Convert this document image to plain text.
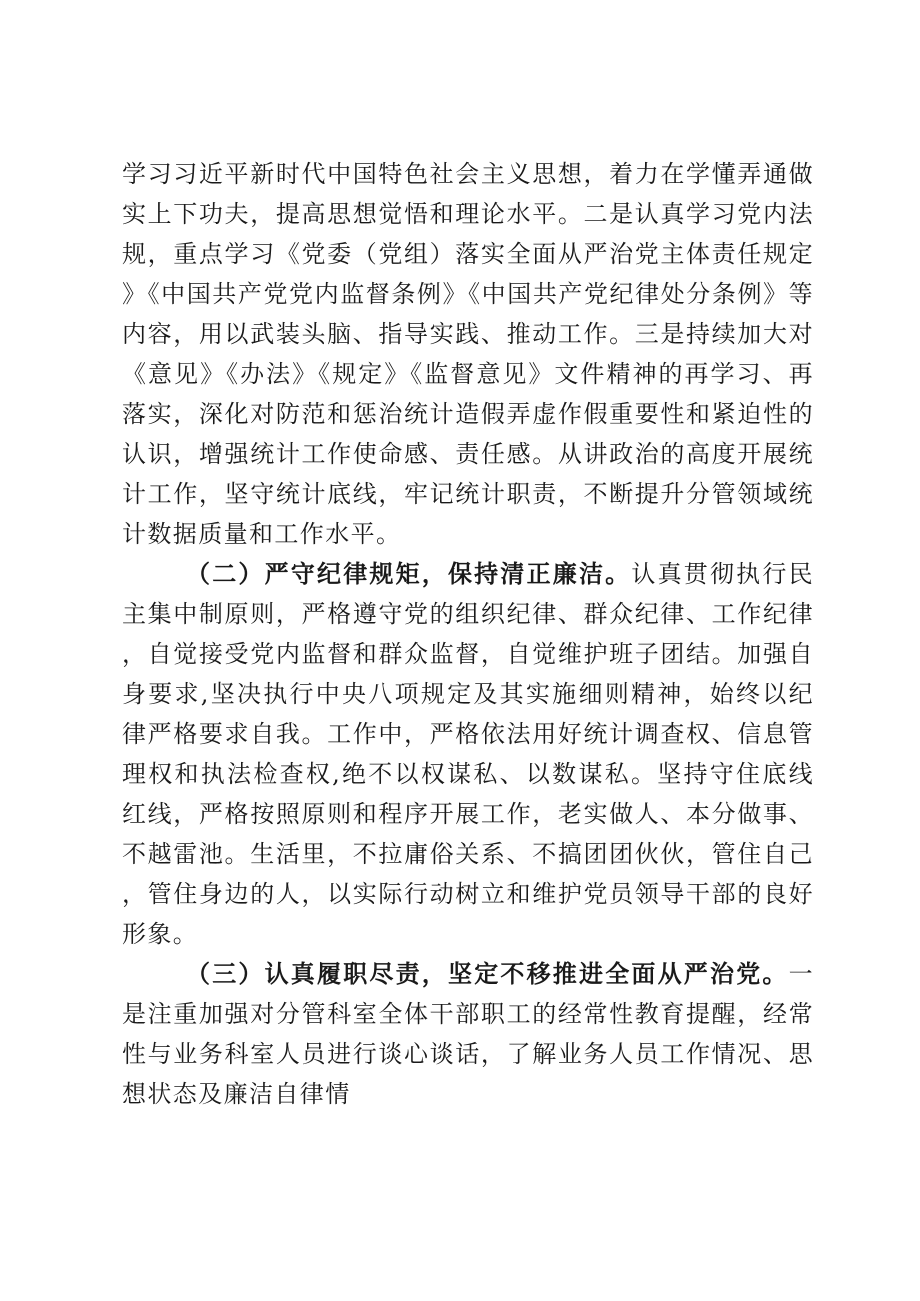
学习习近平新时代中国特色社会主义思想，着力在学懂弄通做实上下功夫，提高思想觉悟和理论水平。二是认真学习党内法规，重点学习《党委（党组）落实全面从严治党主体责任规定》《中国共产党党内监督条例》《中国共产党纪律处分条例》等内容，用以武装头脑、指导实践、推动工作。三是持续加大对《意见》《办法》《规定》《监督意见》文件精神的再学习、再落实，深化对防范和惩治统计造假弄虚作假重要性和紧迫性的认识，增强统计工作使命感、责任感。从讲政治的高度开展统计工作，坚守统计底线，牢记统计职责，不断提升分管领域统计数据质量和工作水平。

（二）严守纪律规矩，保持清正廉洁。认真贯彻执行民主集中制原则，严格遵守党的组织纪律、群众纪律、工作纪律，自觉接受党内监督和群众监督，自觉维护班子团结。加强自身要求,坚决执行中央八项规定及其实施细则精神，始终以纪律严格要求自我。工作中，严格依法用好统计调查权、信息管理权和执法检查权,绝不以权谋私、以数谋私。坚持守住底线红线，严格按照原则和程序开展工作，老实做人、本分做事、不越雷池。生活里，不拉庸俗关系、不搞团团伙伙，管住自己，管住身边的人，以实际行动树立和维护党员领导干部的良好形象。

（三）认真履职尽责，坚定不移推进全面从严治党。一是注重加强对分管科室全体干部职工的经常性教育提醒，经常性与业务科室人员进行谈心谈话，了解业务人员工作情况、思想状态及廉洁自律情
